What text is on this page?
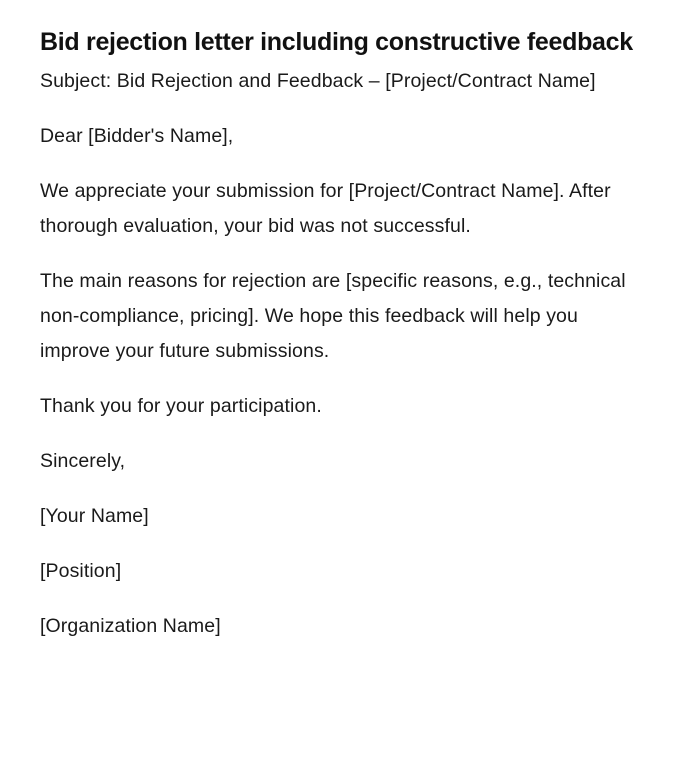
Bid rejection letter including constructive feedback

Subject: Bid Rejection and Feedback – [Project/Contract Name]

Dear [Bidder's Name],

We appreciate your submission for [Project/Contract Name]. After thorough evaluation, your bid was not successful.

The main reasons for rejection are [specific reasons, e.g., technical non-compliance, pricing]. We hope this feedback will help you improve your future submissions.

Thank you for your participation.

Sincerely,

[Your Name]

[Position]

[Organization Name]
